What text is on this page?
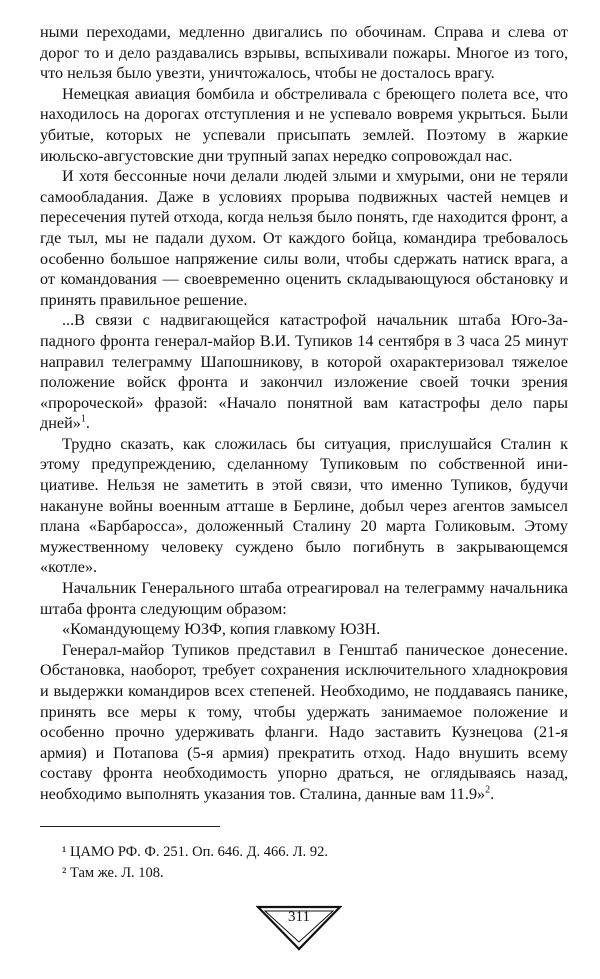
ными переходами, медленно двигались по обочинам. Справа и слева от дорог то и дело раздавались взрывы, вспыхивали пожары. Многое из того, что нельзя было увезти, уничтожалось, чтобы не досталось врагу.

Немецкая авиация бомбила и обстреливала с бреющего полета все, что находилось на дорогах отступления и не успевало вовремя укрыться. Были убитые, которых не успевали присыпать землей. Поэтому в жаркие июльско-августовские дни трупный запах нередко сопровождал нас.

И хотя бессонные ночи делали людей злыми и хмурыми, они не теряли самообладания. Даже в условиях прорыва подвижных частей немцев и пересечения путей отхода, когда нельзя было понять, где находится фронт, а где тыл, мы не падали духом. От каждого бойца, командира требовалось особенно большое напряжение силы воли, чтобы сдержать натиск врага, а от командования — своевременно оценить складывающуюся обстановку и принять правильное решение.

...В связи с надвигающейся катастрофой начальник штаба Юго-Западного фронта генерал-майор В.И. Тупиков 14 сентября в 3 часа 25 минут направил телеграмму Шапошникову, в которой охарактеризовал тяжелое положение войск фронта и закончил изложение своей точки зрения «пророческой» фразой: «Начало понятной вам катастрофы дело пары дней»$^1$.

Трудно сказать, как сложилась бы ситуация, прислушайся Сталин к этому предупреждению, сделанному Тупиковым по собственной инициативе. Нельзя не заметить в этой связи, что именно Тупиков, будучи накануне войны военным атташе в Берлине, добыл через агентов замысел плана «Барбаросса», доложенный Сталину 20 марта Голиковым. Этому мужественному человеку суждено было погибнуть в закрывающемся «котле».

Начальник Генерального штаба отреагировал на телеграмму начальника штаба фронта следующим образом:

«Командующему ЮЗФ, копия главкому ЮЗН.

Генерал-майор Тупиков представил в Генштаб паническое донесение. Обстановка, наоборот, требует сохранения исключительного хладнокровия и выдержки командиров всех степеней. Необходимо, не поддаваясь панике, принять все меры к тому, чтобы удержать занимаемое положение и особенно прочно удерживать фланги. Надо заставить Кузнецова (21-я армия) и Потапова (5-я армия) прекратить отход. Надо внушить всему составу фронта необходимость упорно драться, не оглядываясь назад, необходимо выполнять указания тов. Сталина, данные вам 11.9»$^2$.

¹ ЦАМО РФ. Ф. 251. Оп. 646. Д. 466. Л. 92.

² Там же. Л. 108.

311
